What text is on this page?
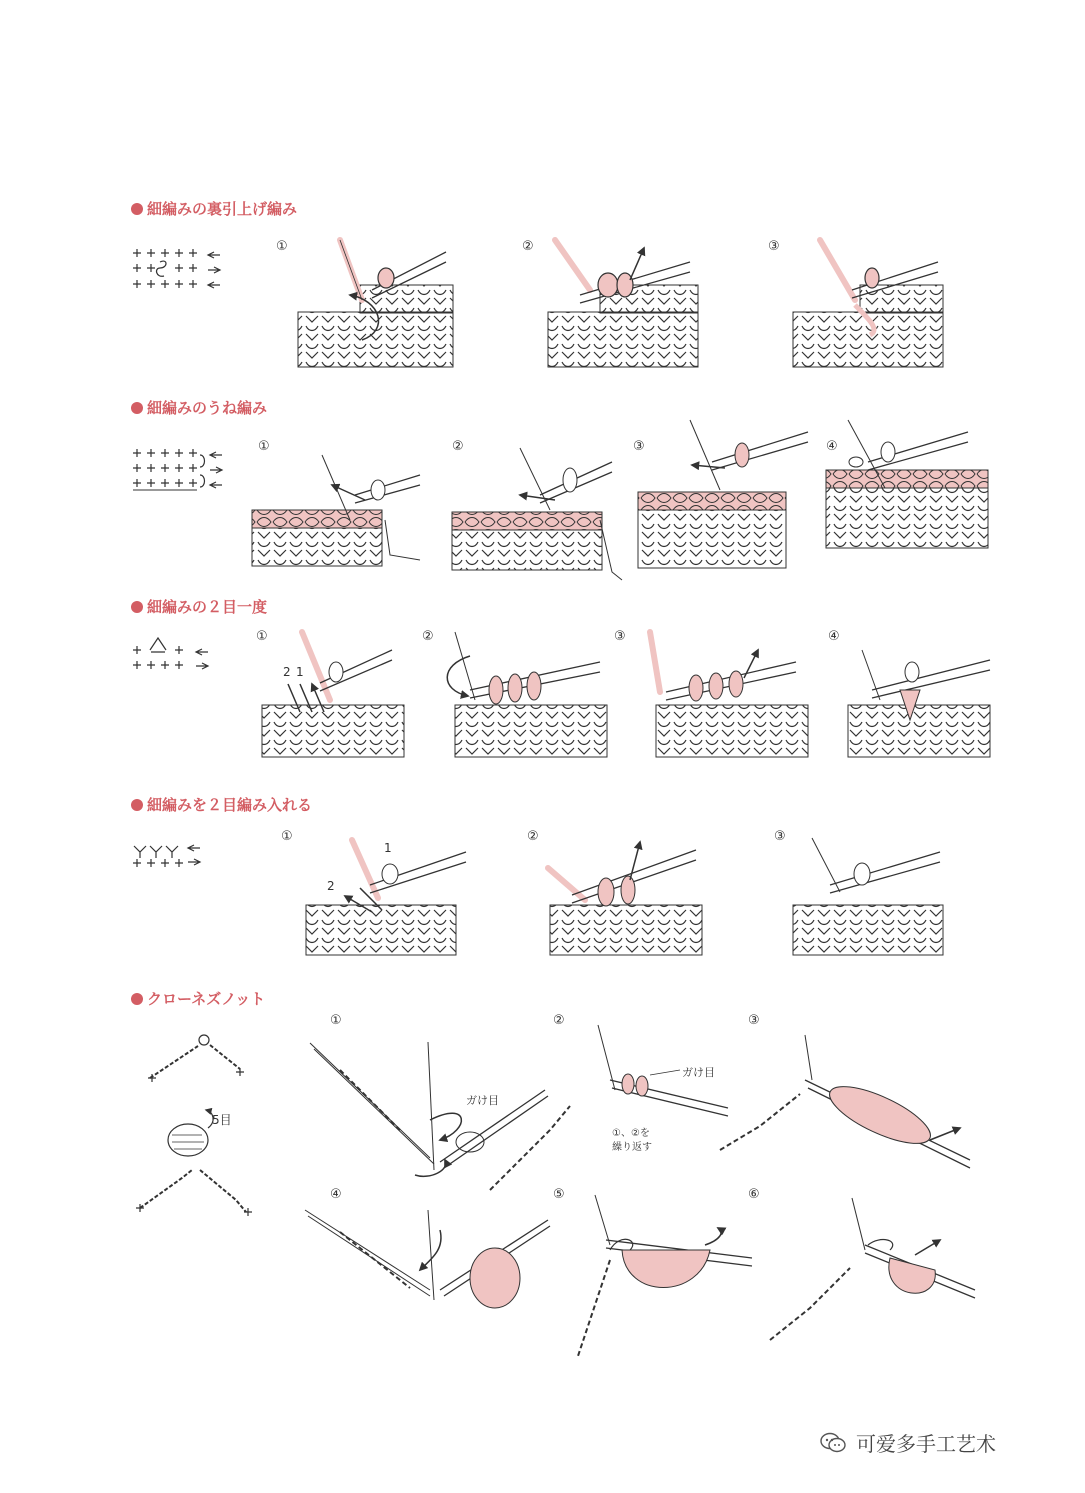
細編みの裏引上げ編み
細編みのうね編み
細編みの２目一度
細編みを２目編み入れる
クローネズノット
①	②	③
①	②	③	④
①	②	③	④
2 1
①	②	③
1
2
5目
①	②	③
④	⑤	⑥
ガけ目
ガけ目
①、②を
繰り返す
可爱多手工艺术
